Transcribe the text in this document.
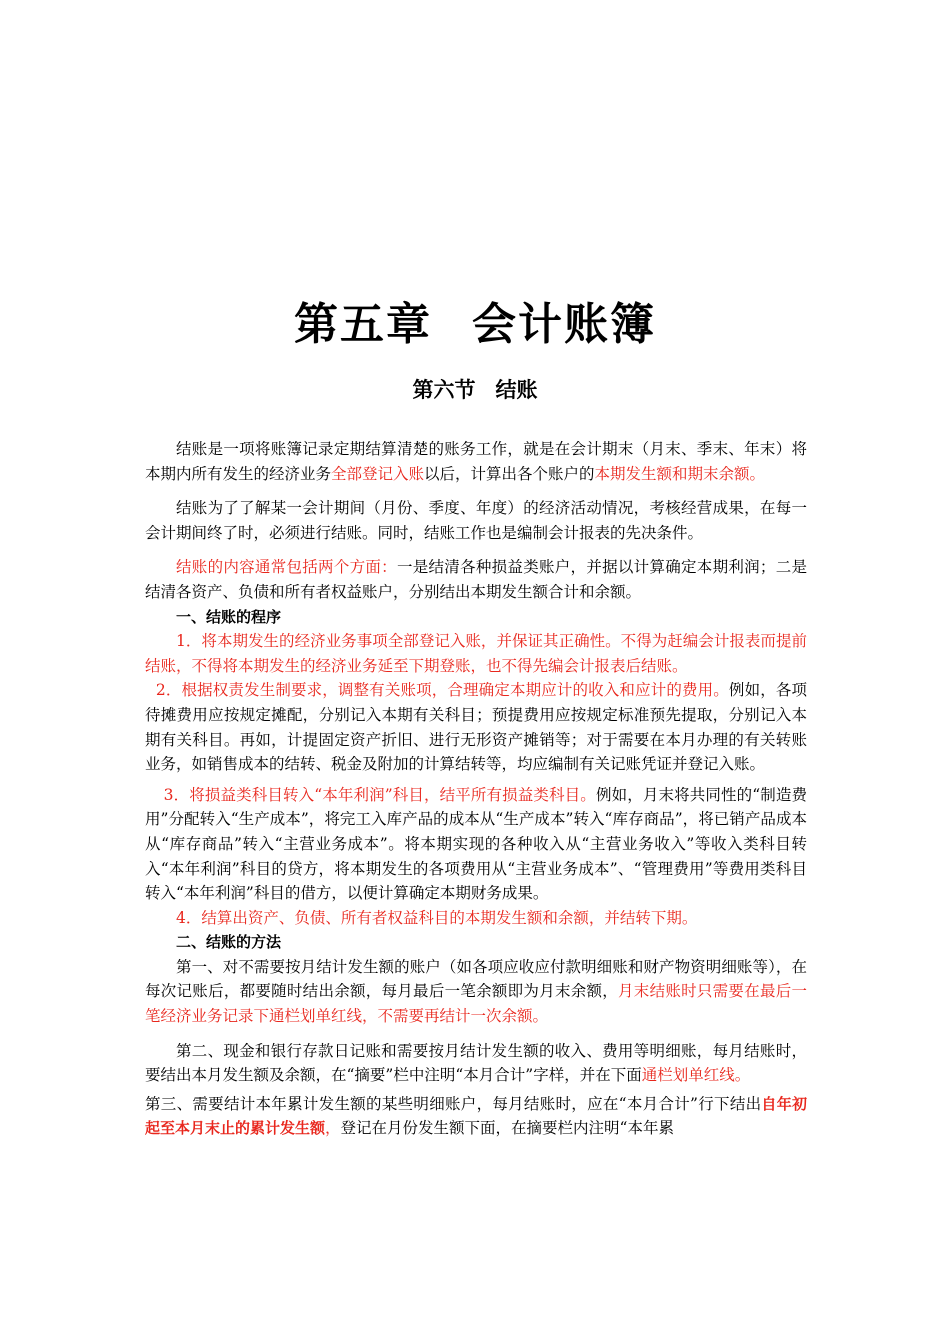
第五章 会计账簿
第六节 结账

结账是一项将账簿记录定期结算清楚的账务工作，就是在会计期末（月末、季末、年末）将本期内所有发生的经济业务全部登记入账以后，计算出各个账户的本期发生额和期末余额。

结账为了了解某一会计期间（月份、季度、年度）的经济活动情况，考核经营成果，在每一会计期间终了时，必须进行结账。同时，结账工作也是编制会计报表的先决条件。

结账的内容通常包括两个方面：一是结清各种损益类账户，并据以计算确定本期利润；二是结清各资产、负债和所有者权益账户，分别结出本期发生额合计和余额。

一、结账的程序

1．将本期发生的经济业务事项全部登记入账，并保证其正确性。不得为赶编会计报表而提前结账，不得将本期发生的经济业务延至下期登账，也不得先编会计报表后结账。

2．根据权责发生制要求，调整有关账项，合理确定本期应计的收入和应计的费用。例如，各项待摊费用应按规定摊配，分别记入本期有关科目；预提费用应按规定标准预先提取，分别记入本期有关科目。再如，计提固定资产折旧、进行无形资产摊销等；对于需要在本月办理的有关转账业务，如销售成本的结转、税金及附加的计算结转等，均应编制有关记账凭证并登记入账。

3．将损益类科目转入“本年利润”科目，结平所有损益类科目。例如，月末将共同性的“制造费用”分配转入“生产成本”，将完工入库产品的成本从“生产成本”转入“库存商品”，将已销产品成本从“库存商品”转入“主营业务成本”。将本期实现的各种收入从“主营业务收入”等收入类科目转入“本年利润”科目的贷方，将本期发生的各项费用从“主营业务成本”、“管理费用”等费用类科目转入“本年利润”科目的借方，以便计算确定本期财务成果。

4．结算出资产、负债、所有者权益科目的本期发生额和余额，并结转下期。

二、结账的方法

第一、对不需要按月结计发生额的账户（如各项应收应付款明细账和财产物资明细账等），在每次记账后，都要随时结出余额，每月最后一笔余额即为月末余额，月末结账时只需要在最后一笔经济业务记录下通栏划单红线，不需要再结计一次余额。

第二、现金和银行存款日记账和需要按月结计发生额的收入、费用等明细账，每月结账时，要结出本月发生额及余额，在“摘要”栏中注明“本月合计”字样，并在下面通栏划单红线。

第三、需要结计本年累计发生额的某些明细账户，每月结账时，应在“本月合计”行下结出自年初起至本月末止的累计发生额，登记在月份发生额下面，在摘要栏内注明“本年累
